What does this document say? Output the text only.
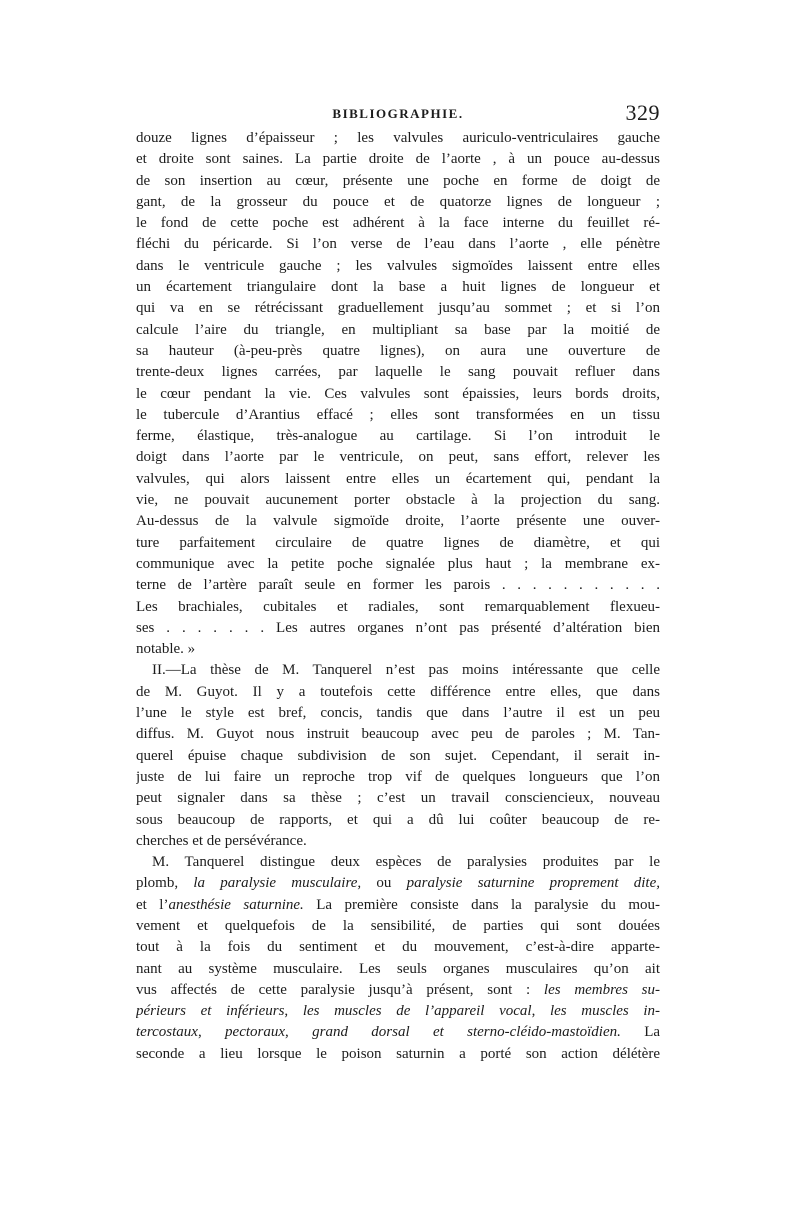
BIBLIOGRAPHIE.	329
douze lignes d’épaisseur ; les valvules auriculo-ventriculaires gauche
et droite sont saines. La partie droite de l’aorte , à un pouce au-dessus
de son insertion au cœur, présente une poche en forme de doigt de
gant, de la grosseur du pouce et de quatorze lignes de longueur ;
le fond de cette poche est adhérent à la face interne du feuillet ré-
fléchi du péricarde. Si l’on verse de l’eau dans l’aorte , elle pénètre
dans le ventricule gauche ; les valvules sigmoïdes laissent entre elles
un écartement triangulaire dont la base a huit lignes de longueur et
qui va en se rétrécissant graduellement jusqu’au sommet ; et si l’on
calcule l’aire du triangle, en multipliant sa base par la moitié de
sa hauteur (à-peu-près quatre lignes), on aura une ouverture de
trente-deux lignes carrées, par laquelle le sang pouvait refluer dans
le cœur pendant la vie. Ces valvules sont épaissies, leurs bords droits,
le tubercule d’Arantius effacé ; elles sont transformées en un tissu
ferme, élastique, très-analogue au cartilage. Si l’on introduit le
doigt dans l’aorte par le ventricule, on peut, sans effort, relever les
valvules, qui alors laissent entre elles un écartement qui, pendant la
vie, ne pouvait aucunement porter obstacle à la projection du sang.
Au-dessus de la valvule sigmoïde droite, l’aorte présente une ouver-
ture parfaitement circulaire de quatre lignes de diamètre, et qui
communique avec la petite poche signalée plus haut ; la membrane ex-
terne de l’artère paraît seule en former les parois . . . . . . . . . . .
Les brachiales, cubitales et radiales, sont remarquablement flexueu-
ses . . . . . . . Les autres organes n’ont pas présenté d’altération bien
notable. »
II.—La thèse de M. Tanquerel n’est pas moins intéressante que celle
de M. Guyot. Il y a toutefois cette différence entre elles, que dans
l’une le style est bref, concis, tandis que dans l’autre il est un peu
diffus. M. Guyot nous instruit beaucoup avec peu de paroles ; M. Tan-
querel épuise chaque subdivision de son sujet. Cependant, il serait in-
juste de lui faire un reproche trop vif de quelques longueurs que l’on
peut signaler dans sa thèse ; c’est un travail consciencieux, nouveau
sous beaucoup de rapports, et qui a dû lui coûter beaucoup de re-
cherches et de persévérance.
M. Tanquerel distingue deux espèces de paralysies produites par le
plomb, la paralysie musculaire, ou paralysie saturnine proprement dite,
et l’anesthésie saturnine. La première consiste dans la paralysie du mou-
vement et quelquefois de la sensibilité, de parties qui sont douées
tout à la fois du sentiment et du mouvement, c’est-à-dire apparte-
nant au système musculaire. Les seuls organes musculaires qu’on ait
vus affectés de cette paralysie jusqu’à présent, sont : les membres su-
périeurs et inférieurs, les muscles de l’appareil vocal, les muscles in-
tercostaux, pectoraux, grand dorsal et sterno-cléido-mastoïdien. La
seconde a lieu lorsque le poison saturnin a porté son action délétère
